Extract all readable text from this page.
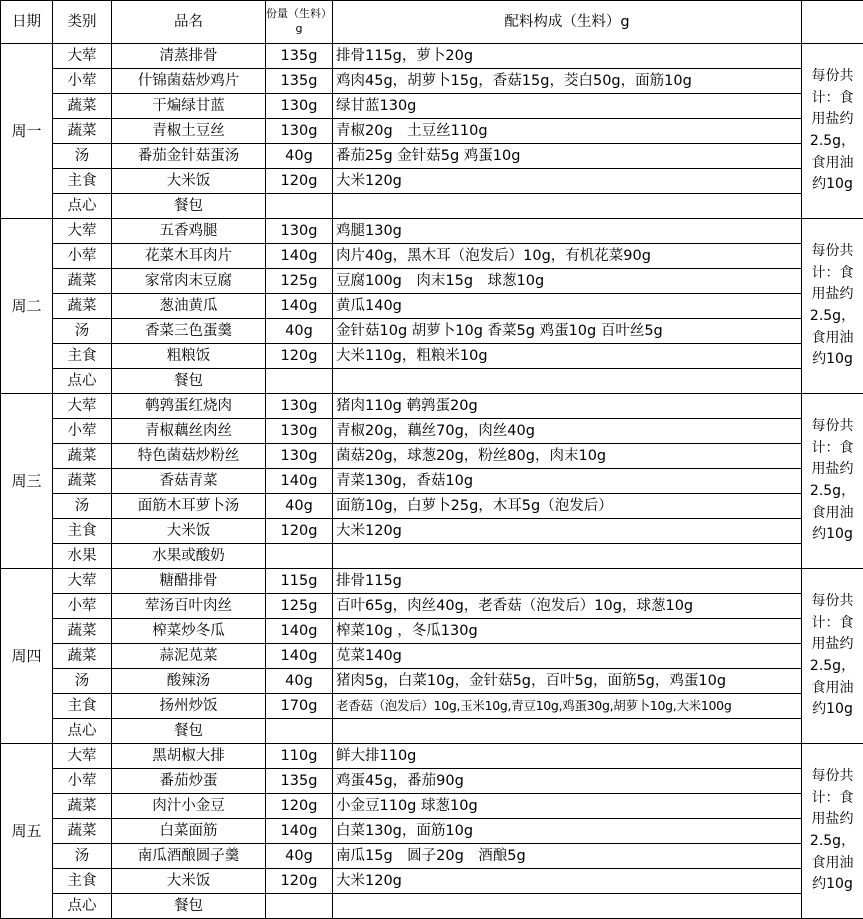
日期	类别	品名	份量（生料）g	配料构成（生料）g	
周一	大荤	清蒸排骨	135g	排骨115g，萝卜20g	每份共计：食用盐约2.5g，食用油约10g
	小荤	什锦菌菇炒鸡片	135g	鸡肉45g，胡萝卜15g，香菇15g，茭白50g，面筋10g	
	蔬菜	干煸绿甘蓝	130g	绿甘蓝130g	
	蔬菜	青椒土豆丝	130g	青椒20g　土豆丝110g	
	汤	番茄金针菇蛋汤	40g	番茄25g 金针菇5g 鸡蛋10g	
	主食	大米饭	120g	大米120g	
	点心	餐包			
周二	大荤	五香鸡腿	130g	鸡腿130g	每份共计：食用盐约2.5g，食用油约10g
	小荤	花菜木耳肉片	140g	肉片40g，黑木耳（泡发后）10g，有机花菜90g	
	蔬菜	家常肉末豆腐	125g	豆腐100g　肉末15g　球葱10g	
	蔬菜	葱油黄瓜	140g	黄瓜140g	
	汤	香菜三色蛋羹	40g	金针菇10g 胡萝卜10g 香菜5g 鸡蛋10g 百叶丝5g	
	主食	粗粮饭	120g	大米110g，粗粮米10g	
	点心	餐包			
周三	大荤	鹌鹑蛋红烧肉	130g	猪肉110g 鹌鹑蛋20g	每份共计：食用盐约2.5g，食用油约10g
	小荤	青椒藕丝肉丝	130g	青椒20g，藕丝70g，肉丝40g	
	蔬菜	特色菌菇炒粉丝	130g	菌菇20g，球葱20g，粉丝80g，肉末10g	
	蔬菜	香菇青菜	140g	青菜130g，香菇10g	
	汤	面筋木耳萝卜汤	40g	面筋10g，白萝卜25g，木耳5g（泡发后）	
	主食	大米饭	120g	大米120g	
	水果	水果或酸奶			
周四	大荤	糖醋排骨	115g	排骨115g	每份共计：食用盐约2.5g，食用油约10g
	小荤	荤汤百叶肉丝	125g	百叶65g，肉丝40g，老香菇（泡发后）10g，球葱10g	
	蔬菜	榨菜炒冬瓜	140g	榨菜10g ，冬瓜130g	
	蔬菜	蒜泥苋菜	140g	苋菜140g	
	汤	酸辣汤	40g	猪肉5g，白菜10g，金针菇5g，百叶5g，面筋5g，鸡蛋10g	
	主食	扬州炒饭	170g	老香菇（泡发后）10g,玉米10g,青豆10g,鸡蛋30g,胡萝卜10g,大米100g	
	点心	餐包			
周五	大荤	黑胡椒大排	110g	鲜大排110g	每份共计：食用盐约2.5g，食用油约10g
	小荤	番茄炒蛋	135g	鸡蛋45g，番茄90g	
	蔬菜	肉汁小金豆	120g	小金豆110g 球葱10g	
	蔬菜	白菜面筋	140g	白菜130g，面筋10g	
	汤	南瓜酒酿圆子羹	40g	南瓜15g　圆子20g　酒酿5g	
	主食	大米饭	120g	大米120g	
	点心	餐包			
